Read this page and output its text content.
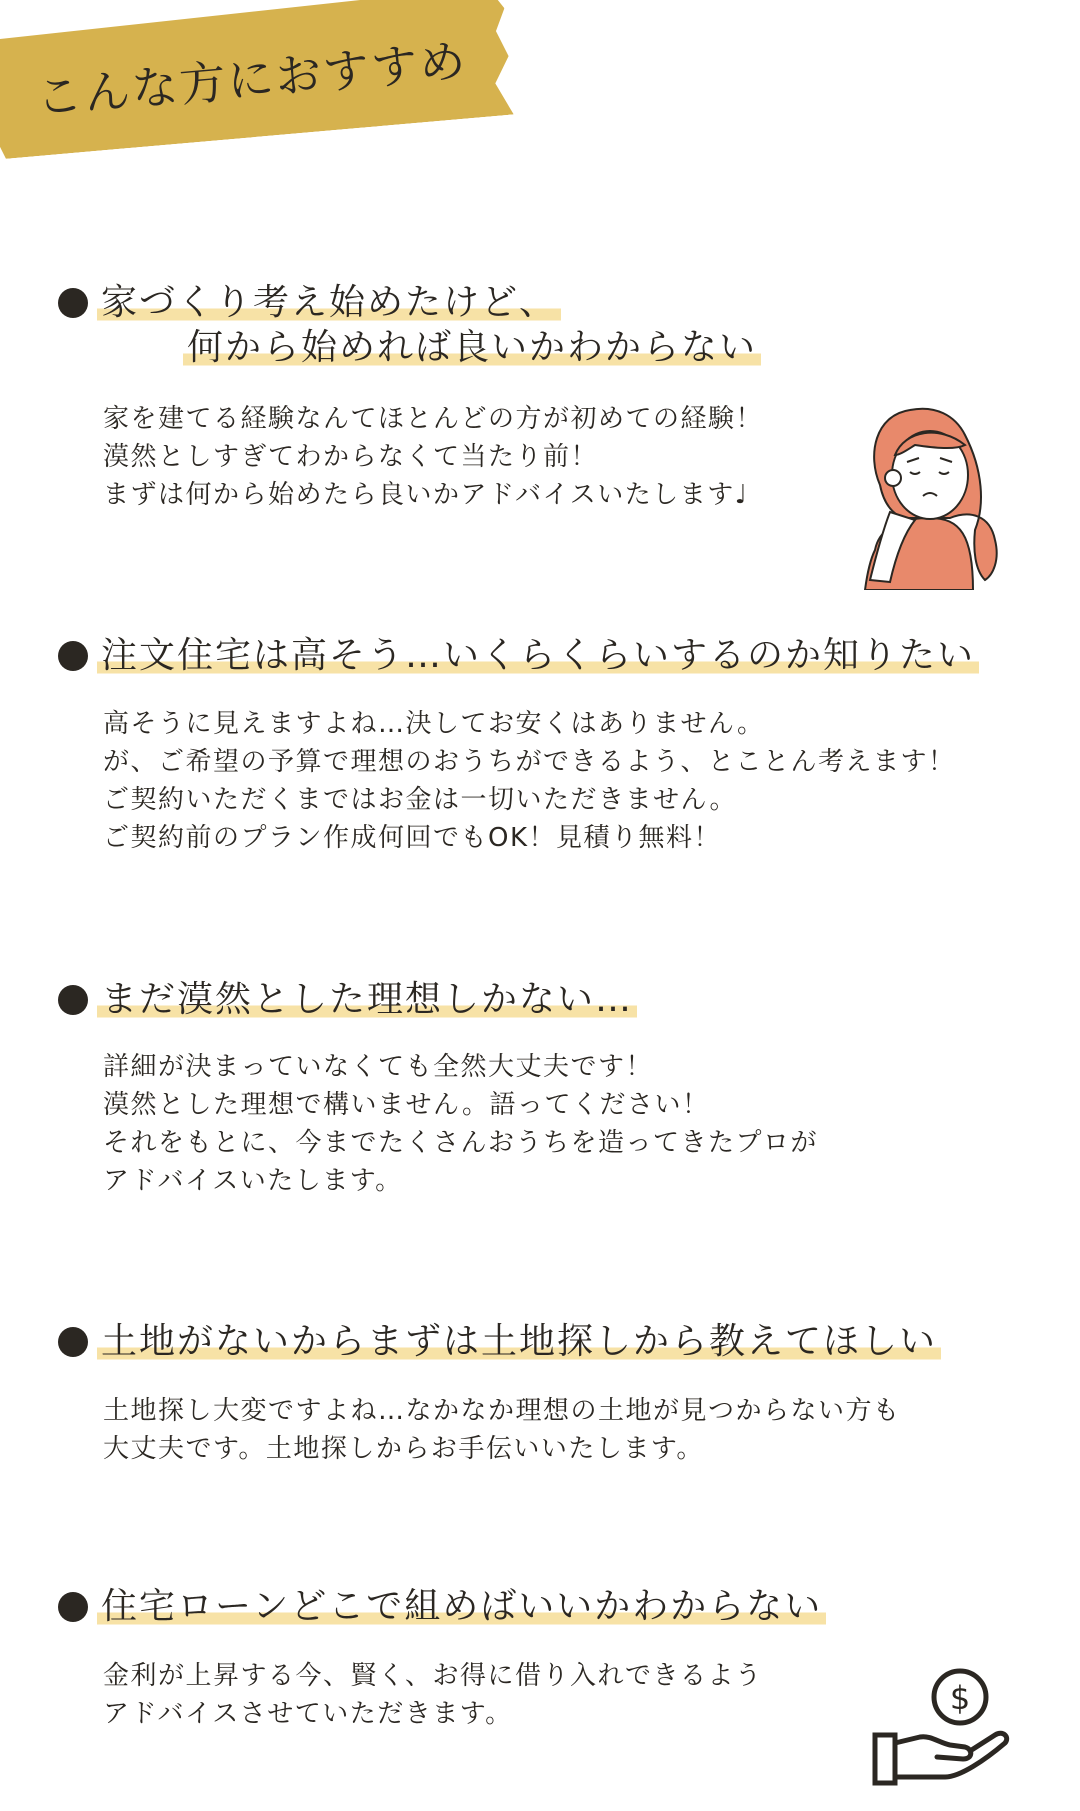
こんな方におすすめ
家づくり考え始めたけど、
何から始めれば良いかわからない
家を建てる経験なんてほとんどの方が初めての経験！
漠然としすぎてわからなくて当たり前！
まずは何から始めたら良いかアドバイスいたします♩
注文住宅は高そう…いくらくらいするのか知りたい
高そうに見えますよね…決してお安くはありません。
が、ご希望の予算で理想のおうちができるよう、とことん考えます！
ご契約いただくまではお金は一切いただきません。
ご契約前のプラン作成何回でもOK！見積り無料！
まだ漠然とした理想しかない…
詳細が決まっていなくても全然大丈夫です！
漠然とした理想で構いません。語ってください！
それをもとに、今までたくさんおうちを造ってきたプロが
アドバイスいたします。
土地がないからまずは土地探しから教えてほしい
土地探し大変ですよね…なかなか理想の土地が見つからない方も
大丈夫です。土地探しからお手伝いいたします。
住宅ローンどこで組めばいいかわからない
金利が上昇する今、賢く、お得に借り入れできるよう
アドバイスさせていただきます。	$
